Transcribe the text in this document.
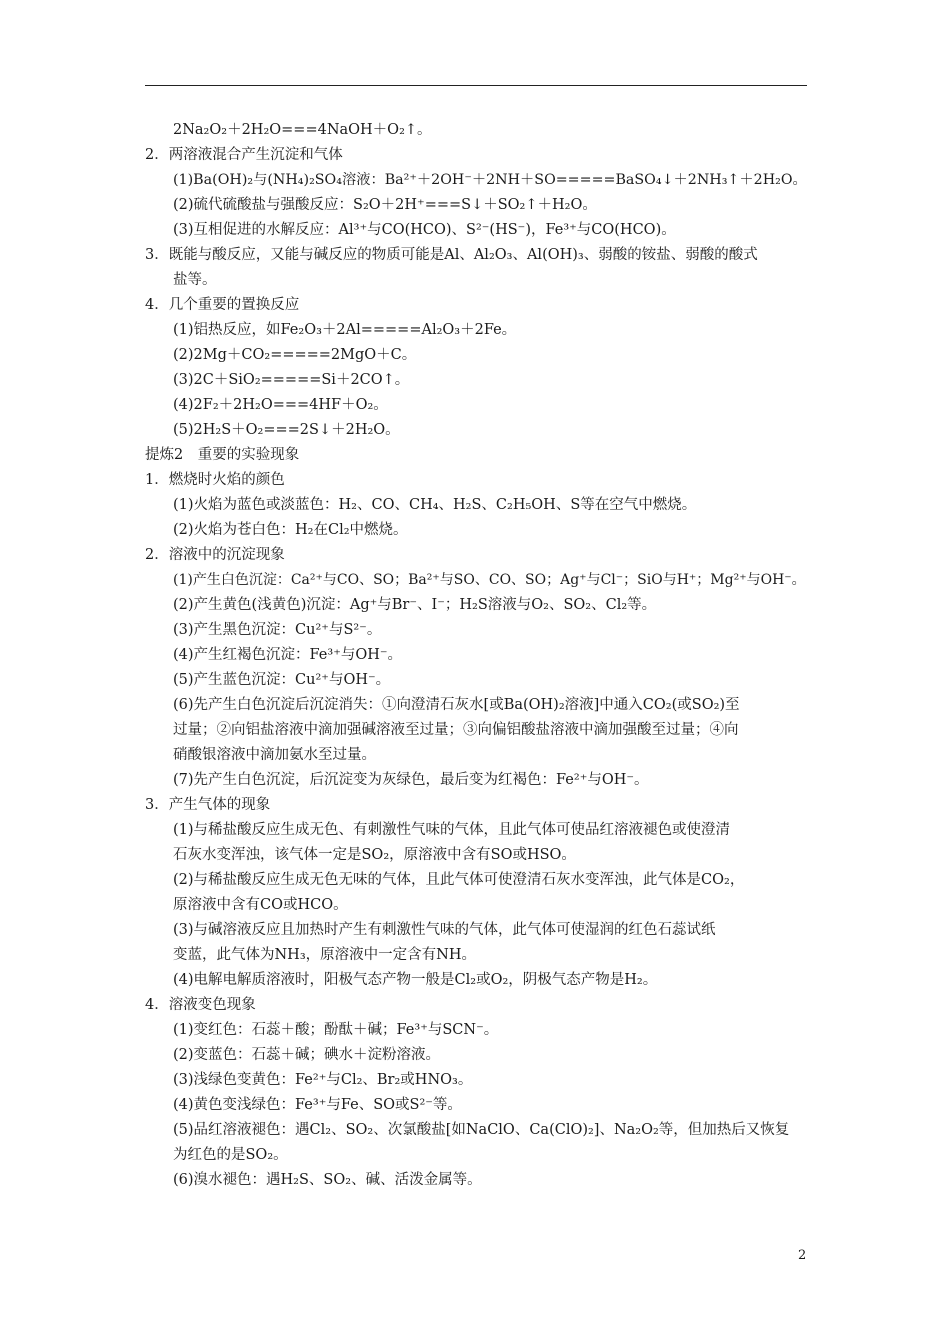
2Na₂O₂＋2H₂O===4NaOH＋O₂↑。
2．两溶液混合产生沉淀和气体
(1)Ba(OH)₂与(NH₄)₂SO₄溶液：Ba²⁺＋2OH⁻＋2NH＋SO=====BaSO₄↓＋2NH₃↑＋2H₂O。
(2)硫代硫酸盐与强酸反应：S₂O＋2H⁺===S↓＋SO₂↑＋H₂O。
(3)互相促进的水解反应：Al³⁺与CO(HCO)、S²⁻(HS⁻)，Fe³⁺与CO(HCO)。
3．既能与酸反应，又能与碱反应的物质可能是Al、Al₂O₃、Al(OH)₃、弱酸的铵盐、弱酸的酸式
盐等。
4．几个重要的置换反应
(1)铝热反应，如Fe₂O₃＋2Al=====Al₂O₃＋2Fe。
(2)2Mg＋CO₂=====2MgO＋C。
(3)2C＋SiO₂=====Si＋2CO↑。
(4)2F₂＋2H₂O===4HF＋O₂。
(5)2H₂S＋O₂===2S↓＋2H₂O。
提炼2　重要的实验现象
1．燃烧时火焰的颜色
(1)火焰为蓝色或淡蓝色：H₂、CO、CH₄、H₂S、C₂H₅OH、S等在空气中燃烧。
(2)火焰为苍白色：H₂在Cl₂中燃烧。
2．溶液中的沉淀现象
(1)产生白色沉淀：Ca²⁺与CO、SO；Ba²⁺与SO、CO、SO；Ag⁺与Cl⁻；SiO与H⁺；Mg²⁺与OH⁻。
(2)产生黄色(浅黄色)沉淀：Ag⁺与Br⁻、I⁻；H₂S溶液与O₂、SO₂、Cl₂等。
(3)产生黑色沉淀：Cu²⁺与S²⁻。
(4)产生红褐色沉淀：Fe³⁺与OH⁻。
(5)产生蓝色沉淀：Cu²⁺与OH⁻。
(6)先产生白色沉淀后沉淀消失：①向澄清石灰水[或Ba(OH)₂溶液]中通入CO₂(或SO₂)至
过量；②向铝盐溶液中滴加强碱溶液至过量；③向偏铝酸盐溶液中滴加强酸至过量；④向
硝酸银溶液中滴加氨水至过量。
(7)先产生白色沉淀，后沉淀变为灰绿色，最后变为红褐色：Fe²⁺与OH⁻。
3．产生气体的现象
(1)与稀盐酸反应生成无色、有刺激性气味的气体，且此气体可使品红溶液褪色或使澄清
石灰水变浑浊，该气体一定是SO₂，原溶液中含有SO或HSO。
(2)与稀盐酸反应生成无色无味的气体，且此气体可使澄清石灰水变浑浊，此气体是CO₂，
原溶液中含有CO或HCO。
(3)与碱溶液反应且加热时产生有刺激性气味的气体，此气体可使湿润的红色石蕊试纸
变蓝，此气体为NH₃，原溶液中一定含有NH。
(4)电解电解质溶液时，阳极气态产物一般是Cl₂或O₂，阴极气态产物是H₂。
4．溶液变色现象
(1)变红色：石蕊＋酸；酚酞＋碱；Fe³⁺与SCN⁻。
(2)变蓝色：石蕊＋碱；碘水＋淀粉溶液。
(3)浅绿色变黄色：Fe²⁺与Cl₂、Br₂或HNO₃。
(4)黄色变浅绿色：Fe³⁺与Fe、SO或S²⁻等。
(5)品红溶液褪色：遇Cl₂、SO₂、次氯酸盐[如NaClO、Ca(ClO)₂]、Na₂O₂等，但加热后又恢复
为红色的是SO₂。
(6)溴水褪色：遇H₂S、SO₂、碱、活泼金属等。
2
